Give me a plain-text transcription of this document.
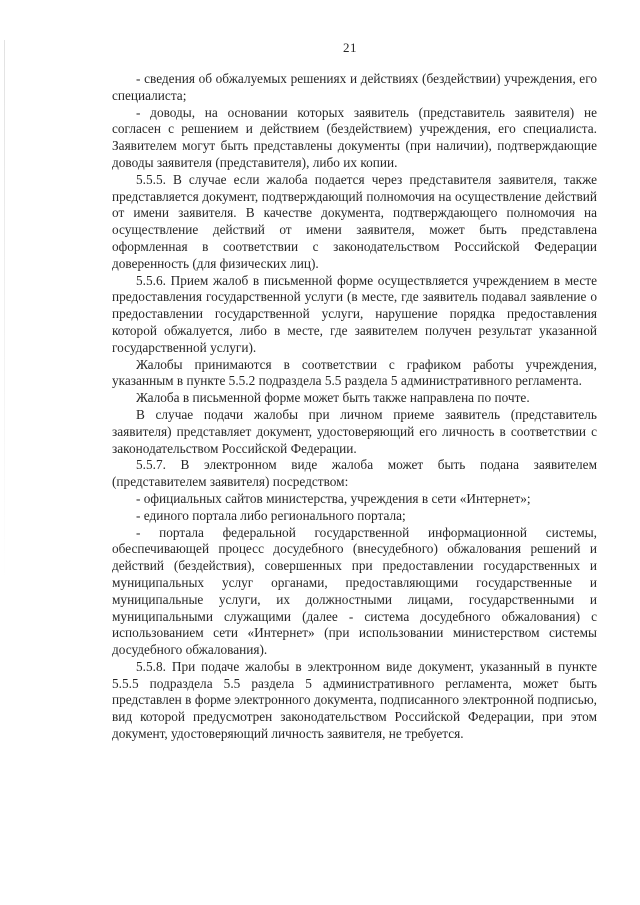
21

- сведения об обжалуемых решениях и действиях (бездействии) учреждения, его специалиста;

- доводы, на основании которых заявитель (представитель заявителя) не согласен с решением и действием (бездействием) учреждения, его специалиста. Заявителем могут быть представлены документы (при наличии), подтверждающие доводы заявителя (представителя), либо их копии.

5.5.5. В случае если жалоба подается через представителя заявителя, также представляется документ, подтверждающий полномочия на осуществление действий от имени заявителя. В качестве документа, подтверждающего полномочия на осуществление действий от имени заявителя, может быть представлена оформленная в соответствии с законодательством Российской Федерации доверенность (для физических лиц).

5.5.6. Прием жалоб в письменной форме осуществляется учреждением в месте предоставления государственной услуги (в месте, где заявитель подавал заявление о предоставлении государственной услуги, нарушение порядка предоставления которой обжалуется, либо в месте, где заявителем получен результат указанной государственной услуги).

Жалобы принимаются в соответствии с графиком работы учреждения, указанным в пункте 5.5.2 подраздела 5.5 раздела 5 административного регламента.

Жалоба в письменной форме может быть также направлена по почте.

В случае подачи жалобы при личном приеме заявитель (представитель заявителя) представляет документ, удостоверяющий его личность в соответствии с законодательством Российской Федерации.

5.5.7. В электронном виде жалоба может быть подана заявителем (представителем заявителя) посредством:

- официальных сайтов министерства, учреждения в сети «Интернет»;

- единого портала либо регионального портала;

- портала федеральной государственной информационной системы, обеспечивающей процесс досудебного (внесудебного) обжалования решений и действий (бездействия), совершенных при предоставлении государственных и муниципальных услуг органами, предоставляющими государственные и муниципальные услуги, их должностными лицами, государственными и муниципальными служащими (далее - система досудебного обжалования) с использованием сети «Интернет» (при использовании министерством системы досудебного обжалования).

5.5.8. При подаче жалобы в электронном виде документ, указанный в пункте 5.5.5 подраздела 5.5 раздела 5 административного регламента, может быть представлен в форме электронного документа, подписанного электронной подписью, вид которой предусмотрен законодательством Российской Федерации, при этом документ, удостоверяющий личность заявителя, не требуется.
